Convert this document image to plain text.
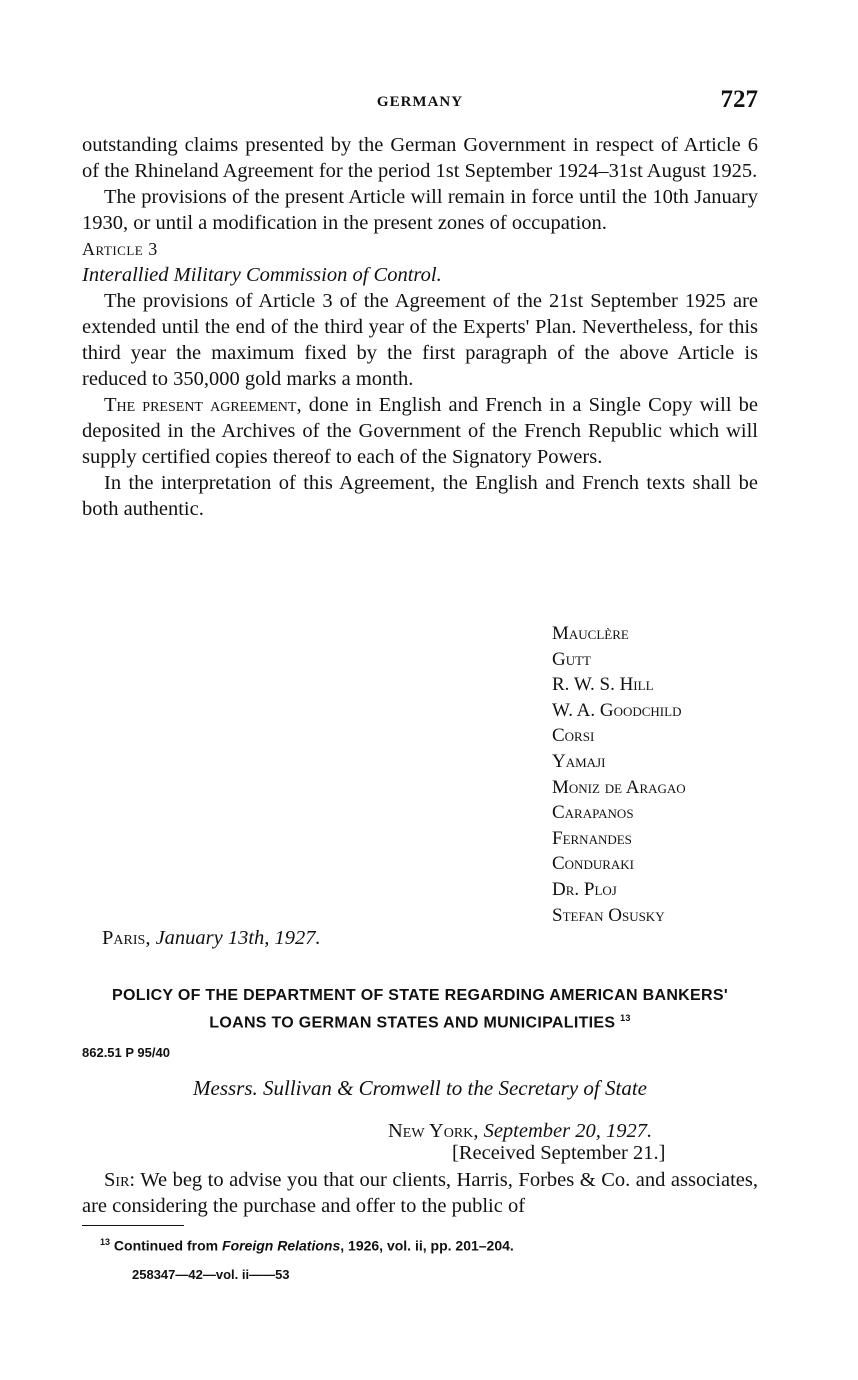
GERMANY	727

outstanding claims presented by the German Government in respect of Article 6 of the Rhineland Agreement for the period 1st September 1924–31st August 1925.

The provisions of the present Article will remain in force until the 10th January 1930, or until a modification in the present zones of occupation.

Article 3

Interallied Military Commission of Control.

The provisions of Article 3 of the Agreement of the 21st September 1925 are extended until the end of the third year of the Experts' Plan. Nevertheless, for this third year the maximum fixed by the first paragraph of the above Article is reduced to 350,000 gold marks a month.

The present agreement, done in English and French in a Single Copy will be deposited in the Archives of the Government of the French Republic which will supply certified copies thereof to each of the Signatory Powers.

In the interpretation of this Agreement, the English and French texts shall be both authentic.

Mauclère
Gutt
R. W. S. Hill
W. A. Goodchild
Corsi
Yamaji
Moniz de Aragao
Carapanos
Fernandes
Conduraki
Dr. Ploj
Stefan Osusky
Paris, January 13th, 1927.
POLICY OF THE DEPARTMENT OF STATE REGARDING AMERICAN BANKERS' LOANS TO GERMAN STATES AND MUNICIPALITIES $^{13}$
862.51 P 95/40
Messrs. Sullivan & Cromwell to the Secretary of State
New York, September 20, 1927.
[Received September 21.]

Sir: We beg to advise you that our clients, Harris, Forbes & Co. and associates, are considering the purchase and offer to the public of

$^{13}$ Continued from Foreign Relations, 1926, vol. ii, pp. 201–204.
258347—42—vol. ii——53
